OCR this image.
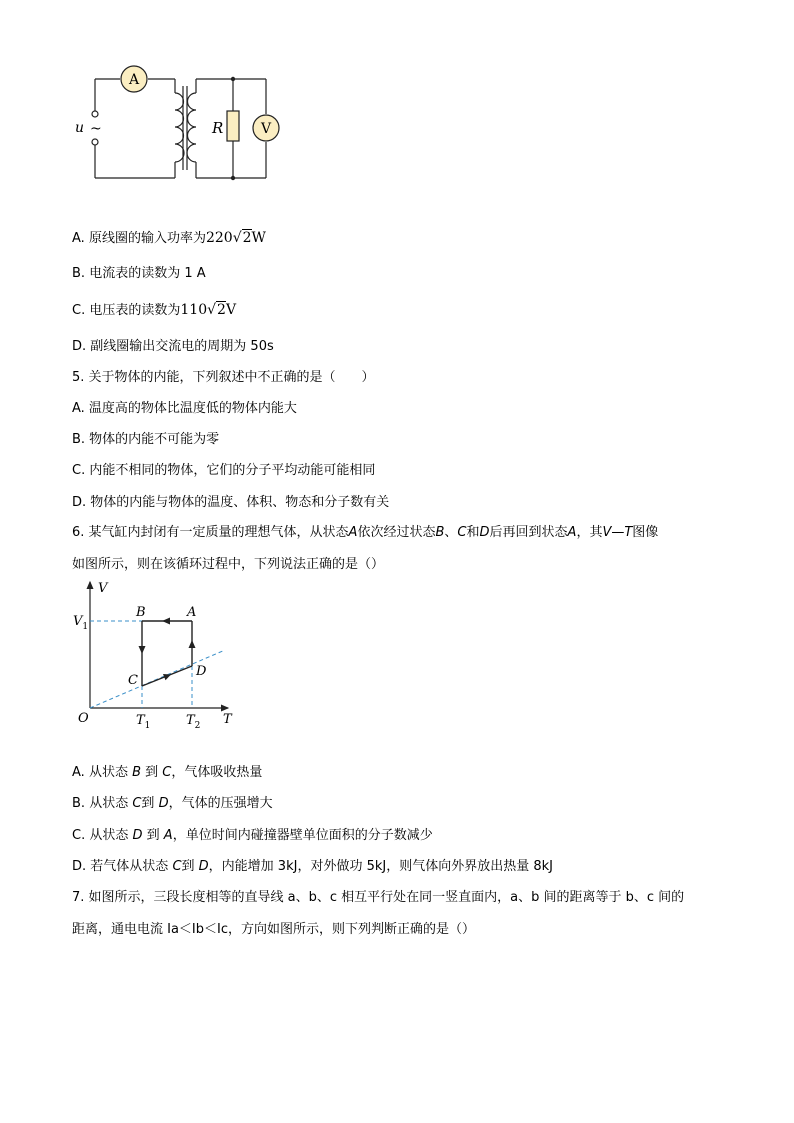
A
V
R
u ~
A. 原线圈的输入功率为220√2W
B. 电流表的读数为 1 A
C. 电压表的读数为110√2V
D. 副线圈输出交流电的周期为 50s
5. 关于物体的内能，下列叙述中不正确的是（　　）
A. 温度高的物体比温度低的物体内能大
B. 物体的内能不可能为零
C. 内能不相同的物体，它们的分子平均动能可能相同
D. 物体的内能与物体的温度、体积、物态和分子数有关
6. 某气缸内封闭有一定质量的理想气体，从状态A依次经过状态B、C和D后再回到状态A，其V—T图像
如图所示，则在该循环过程中，下列说法正确的是（）
V
T
O
$V_1$
$T_1$	$T_2$
A
B
C
D
A. 从状态 B 到 C，气体吸收热量
B. 从状态 C到 D，气体的压强增大
C. 从状态 D 到 A，单位时间内碰撞器壁单位面积的分子数减少
D. 若气体从状态 C到 D，内能增加 3kJ，对外做功 5kJ，则气体向外界放出热量 8kJ
7. 如图所示，三段长度相等的直导线 a、b、c 相互平行处在同一竖直面内，a、b 间的距离等于 b、c 间的
距离，通电电流 Ia＜Ib＜Ic，方向如图所示，则下列判断正确的是（）
